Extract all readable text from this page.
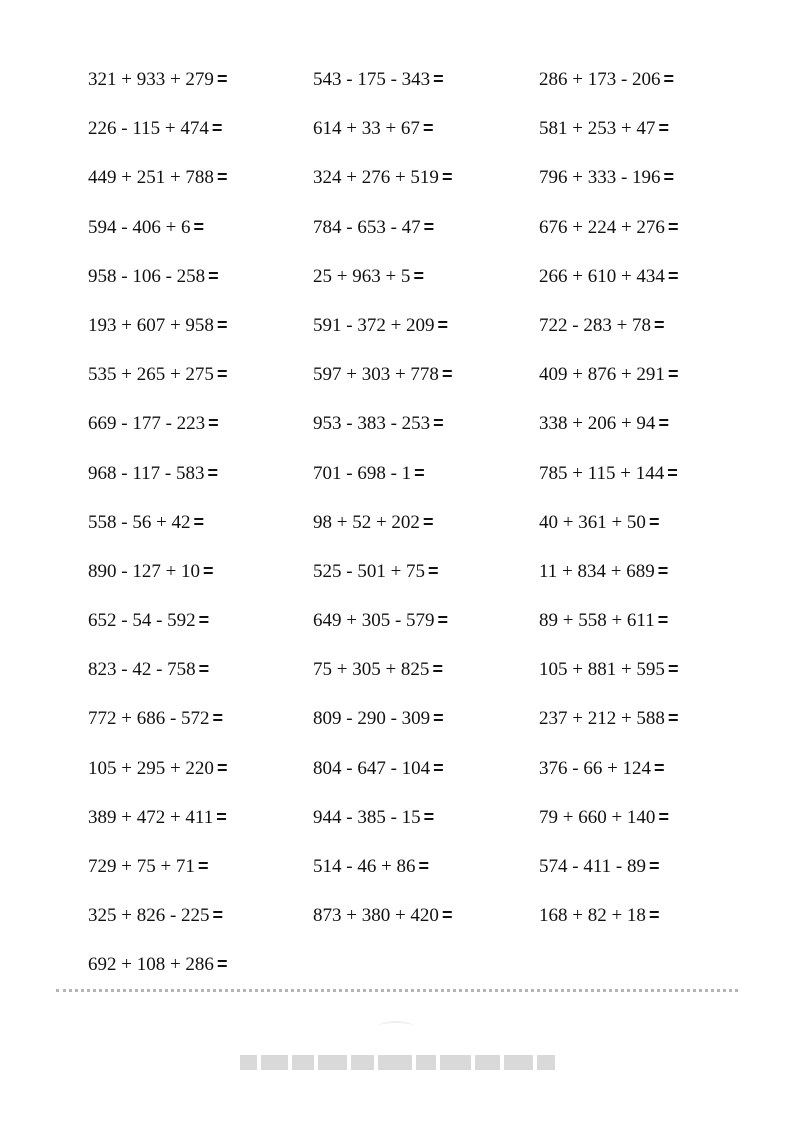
321 + 933 + 279 =	543 - 175 - 343 =	286 + 173 - 206 =
226 - 115 + 474 =	614 + 33 + 67 =	581 + 253 + 47 =
449 + 251 + 788 =	324 + 276 + 519 =	796 + 333 - 196 =
594 - 406 + 6 =	784 - 653 - 47 =	676 + 224 + 276 =
958 - 106 - 258 =	25 + 963 + 5 =	266 + 610 + 434 =
193 + 607 + 958 =	591 - 372 + 209 =	722 - 283 + 78 =
535 + 265 + 275 =	597 + 303 + 778 =	409 + 876 + 291 =
669 - 177 - 223 =	953 - 383 - 253 =	338 + 206 + 94 =
968 - 117 - 583 =	701 - 698 - 1 =	785 + 115 + 144 =
558 - 56 + 42 =	98 + 52 + 202 =	40 + 361 + 50 =
890 - 127 + 10 =	525 - 501 + 75 =	11 + 834 + 689 =
652 - 54 - 592 =	649 + 305 - 579 =	89 + 558 + 611 =
823 - 42 - 758 =	75 + 305 + 825 =	105 + 881 + 595 =
772 + 686 - 572 =	809 - 290 - 309 =	237 + 212 + 588 =
105 + 295 + 220 =	804 - 647 - 104 =	376 - 66 + 124 =
389 + 472 + 411 =	944 - 385 - 15 =	79 + 660 + 140 =
729 + 75 + 71 =	514 - 46 + 86 =	574 - 411 - 89 =
325 + 826 - 225 =	873 + 380 + 420 =	168 + 82 + 18 =
692 + 108 + 286 =
